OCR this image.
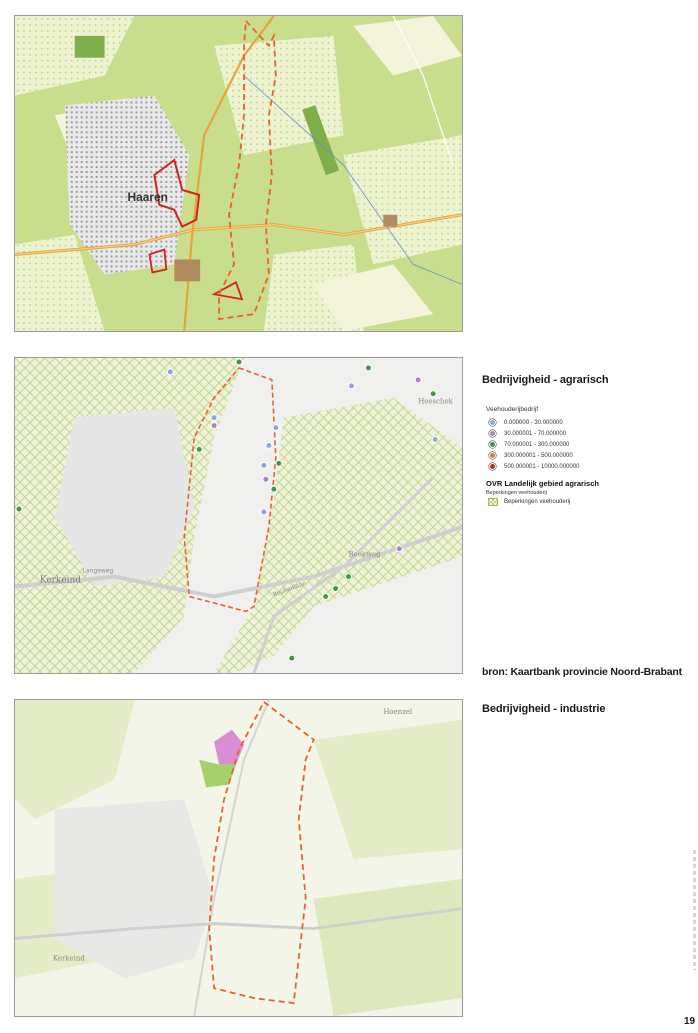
Haaren
Kerkeind
Langeweg
Beekweg
Beukenlaan
Heeschek
Hoenzel
Kerkeind
Bedrijvigheid - agrarisch
Veehouderijbedrijf
0.000000 - 30.000000
30.000001 - 70.000000
70.000001 - 300.000000
300.000001 - 500.000000
500.000001 - 10000.000000
OVR Landelijk gebied agrarisch
Beperkingen veehouderij
Beperkingen veehouderij
bron: Kaartbank provincie Noord-Brabant
Bedrijvigheid - industrie
19
